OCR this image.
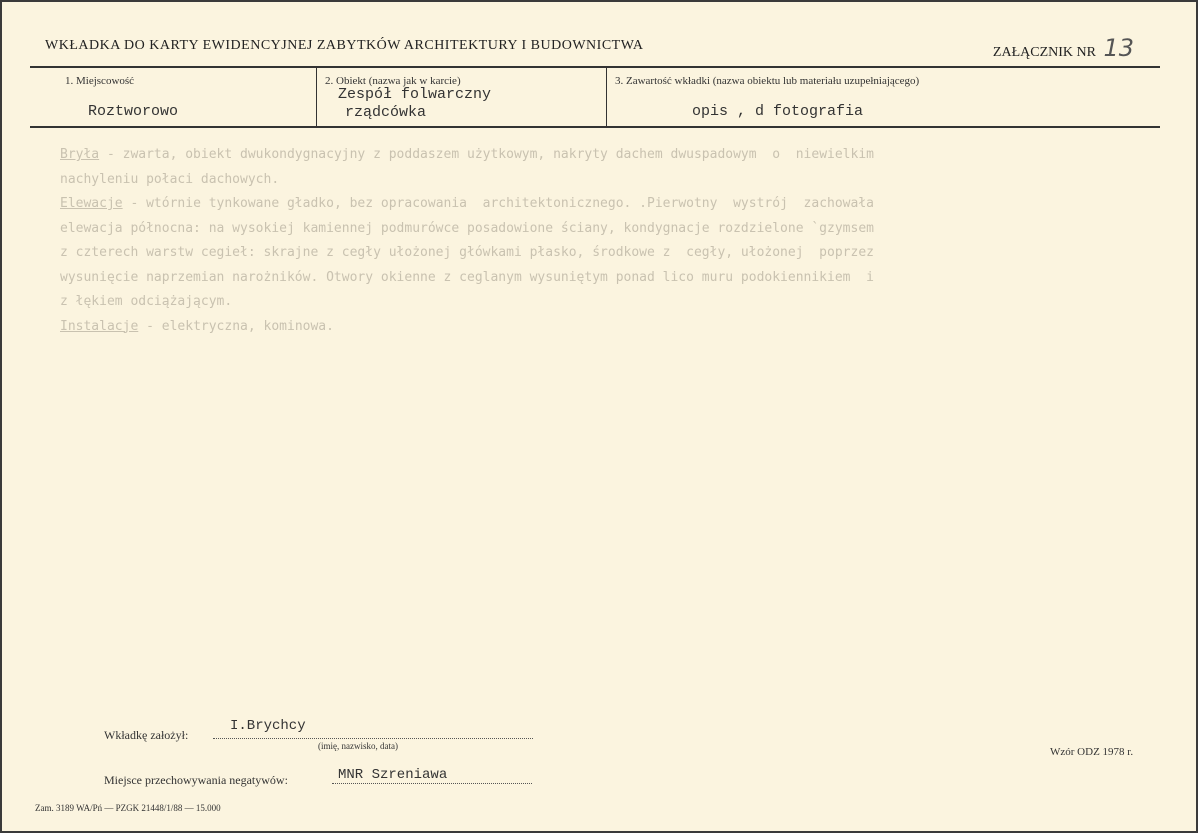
WKŁADKA DO KARTY EWIDENCYJNEJ ZABYTKÓW ARCHITEKTURY I BUDOWNICTWA	ZAŁĄCZNIK NR 13
1. Miejscowość
Roztworowo
2. Obiekt (nazwa jak w karcie)
Zespół folwarczny
rządcówka
3. Zawartość wkładki (nazwa obiektu lub materiału uzupełniającego)
opis , d fotografia

Bryła - zwarta, obiekt dwukondygnacyjny z poddaszem użytkowym, nakryty dachem dwuspadowym  o  niewielkim

nachyleniu połaci dachowych.

Elewacje - wtórnie tynkowane gładko, bez opracowania  architektonicznego. .Pierwotny  wystrój  zachowała

elewacja północna: na wysokiej kamiennej podmurówce posadowione ściany, kondygnacje rozdzielone `gzymsem

z czterech warstw cegieł: skrajne z cegły ułożonej główkami płasko, środkowe z  cegły, ułożonej  poprzez

wysunięcie naprzemian narożników. Otwory okienne z ceglanym wysuniętym ponad lico muru podokiennikiem  i

z łękiem odciążającym.

Instalacje - elektryczna, kominowa.

Wkładkę założył:
I.Brychcy
(imię, nazwisko, data)
Miejsce przechowywania negatywów:	MNR Szreniawa
Wzór ODZ 1978 r.
Zam. 3189 WA/Pń — PZGK 21448/1/88 — 15.000
